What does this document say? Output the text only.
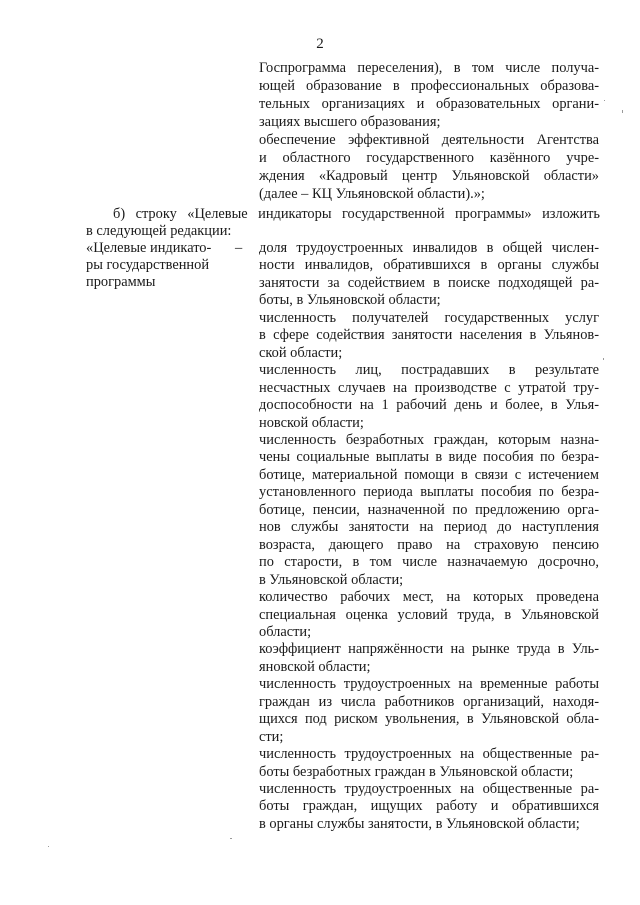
2
Госпрограмма переселения), в том числе получа-
ющей образование в профессиональных образова-
тельных организациях и образовательных органи-
зациях высшего образования;
обеспечение эффективной деятельности Агентства
и областного государственного казённого учре-
ждения «Кадровый центр Ульяновской области»
(далее – КЦ Ульяновской области).»;
б) строку «Целевые индикаторы государственной программы» изложить
в следующей редакции:
«Целевые индикато-
ры государственной
программы
– доля трудоустроенных инвалидов в общей числен-
ности инвалидов, обратившихся в органы службы
занятости за содействием в поиске подходящей ра-
боты, в Ульяновской области;
численность получателей государственных услуг
в сфере содействия занятости населения в Ульянов-
ской области;
численность лиц, пострадавших в результате
несчастных случаев на производстве с утратой тру-
доспособности на 1 рабочий день и более, в Улья-
новской области;
численность безработных граждан, которым назна-
чены социальные выплаты в виде пособия по безра-
ботице, материальной помощи в связи с истечением
установленного периода выплаты пособия по безра-
ботице, пенсии, назначенной по предложению орга-
нов службы занятости на период до наступления
возраста, дающего право на страховую пенсию
по старости, в том числе назначаемую досрочно,
в Ульяновской области;
количество рабочих мест, на которых проведена
специальная оценка условий труда, в Ульяновской
области;
коэффициент напряжённости на рынке труда в Уль-
яновской области;
численность трудоустроенных на временные работы
граждан из числа работников организаций, находя-
щихся под риском увольнения, в Ульяновской обла-
сти;
численность трудоустроенных на общественные ра-
боты безработных граждан в Ульяновской области;
численность трудоустроенных на общественные ра-
боты граждан, ищущих работу и обратившихся
в органы службы занятости, в Ульяновской области;
